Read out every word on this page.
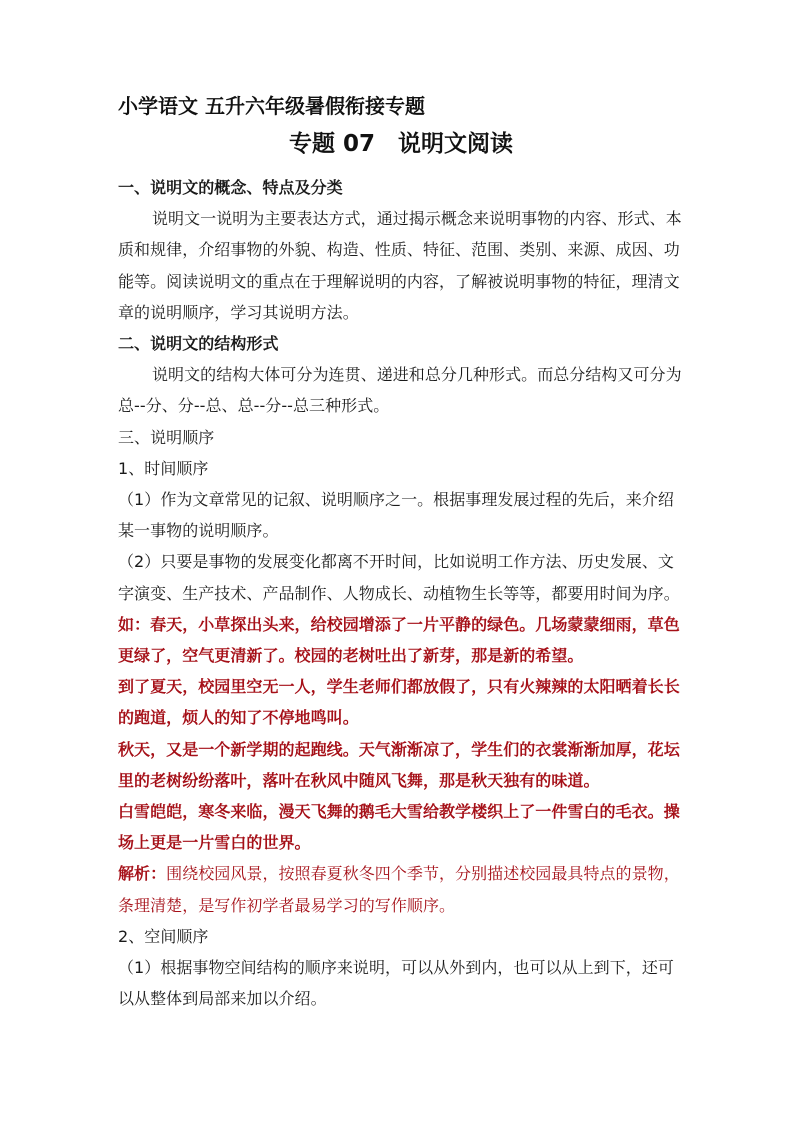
小学语文 五升六年级暑假衔接专题

专题 07　说明文阅读

一、说明文的概念、特点及分类

说明文一说明为主要表达方式，通过揭示概念来说明事物的内容、形式、本

质和规律，介绍事物的外貌、构造、性质、特征、范围、类别、来源、成因、功

能等。阅读说明文的重点在于理解说明的内容，了解被说明事物的特征，理清文

章的说明顺序，学习其说明方法。

二、说明文的结构形式

说明文的结构大体可分为连贯、递进和总分几种形式。而总分结构又可分为

总--分、分--总、总--分--总三种形式。

三、说明顺序

1、时间顺序

（1）作为文章常见的记叙、说明顺序之一。根据事理发展过程的先后，来介绍

某一事物的说明顺序。

（2）只要是事物的发展变化都离不开时间，比如说明工作方法、历史发展、文

字演变、生产技术、产品制作、人物成长、动植物生长等等，都要用时间为序。

如：春天，小草探出头来，给校园增添了一片平静的绿色。几场蒙蒙细雨，草色

更绿了，空气更清新了。校园的老树吐出了新芽，那是新的希望。

到了夏天，校园里空无一人，学生老师们都放假了，只有火辣辣的太阳晒着长长

的跑道，烦人的知了不停地鸣叫。

秋天，又是一个新学期的起跑线。天气渐渐凉了，学生们的衣裳渐渐加厚，花坛

里的老树纷纷落叶，落叶在秋风中随风飞舞，那是秋天独有的味道。

白雪皑皑，寒冬来临，漫天飞舞的鹅毛大雪给教学楼织上了一件雪白的毛衣。操

场上更是一片雪白的世界。

解析：围绕校园风景，按照春夏秋冬四个季节，分别描述校园最具特点的景物，

条理清楚，是写作初学者最易学习的写作顺序。

2、空间顺序

（1）根据事物空间结构的顺序来说明，可以从外到内，也可以从上到下，还可

以从整体到局部来加以介绍。
